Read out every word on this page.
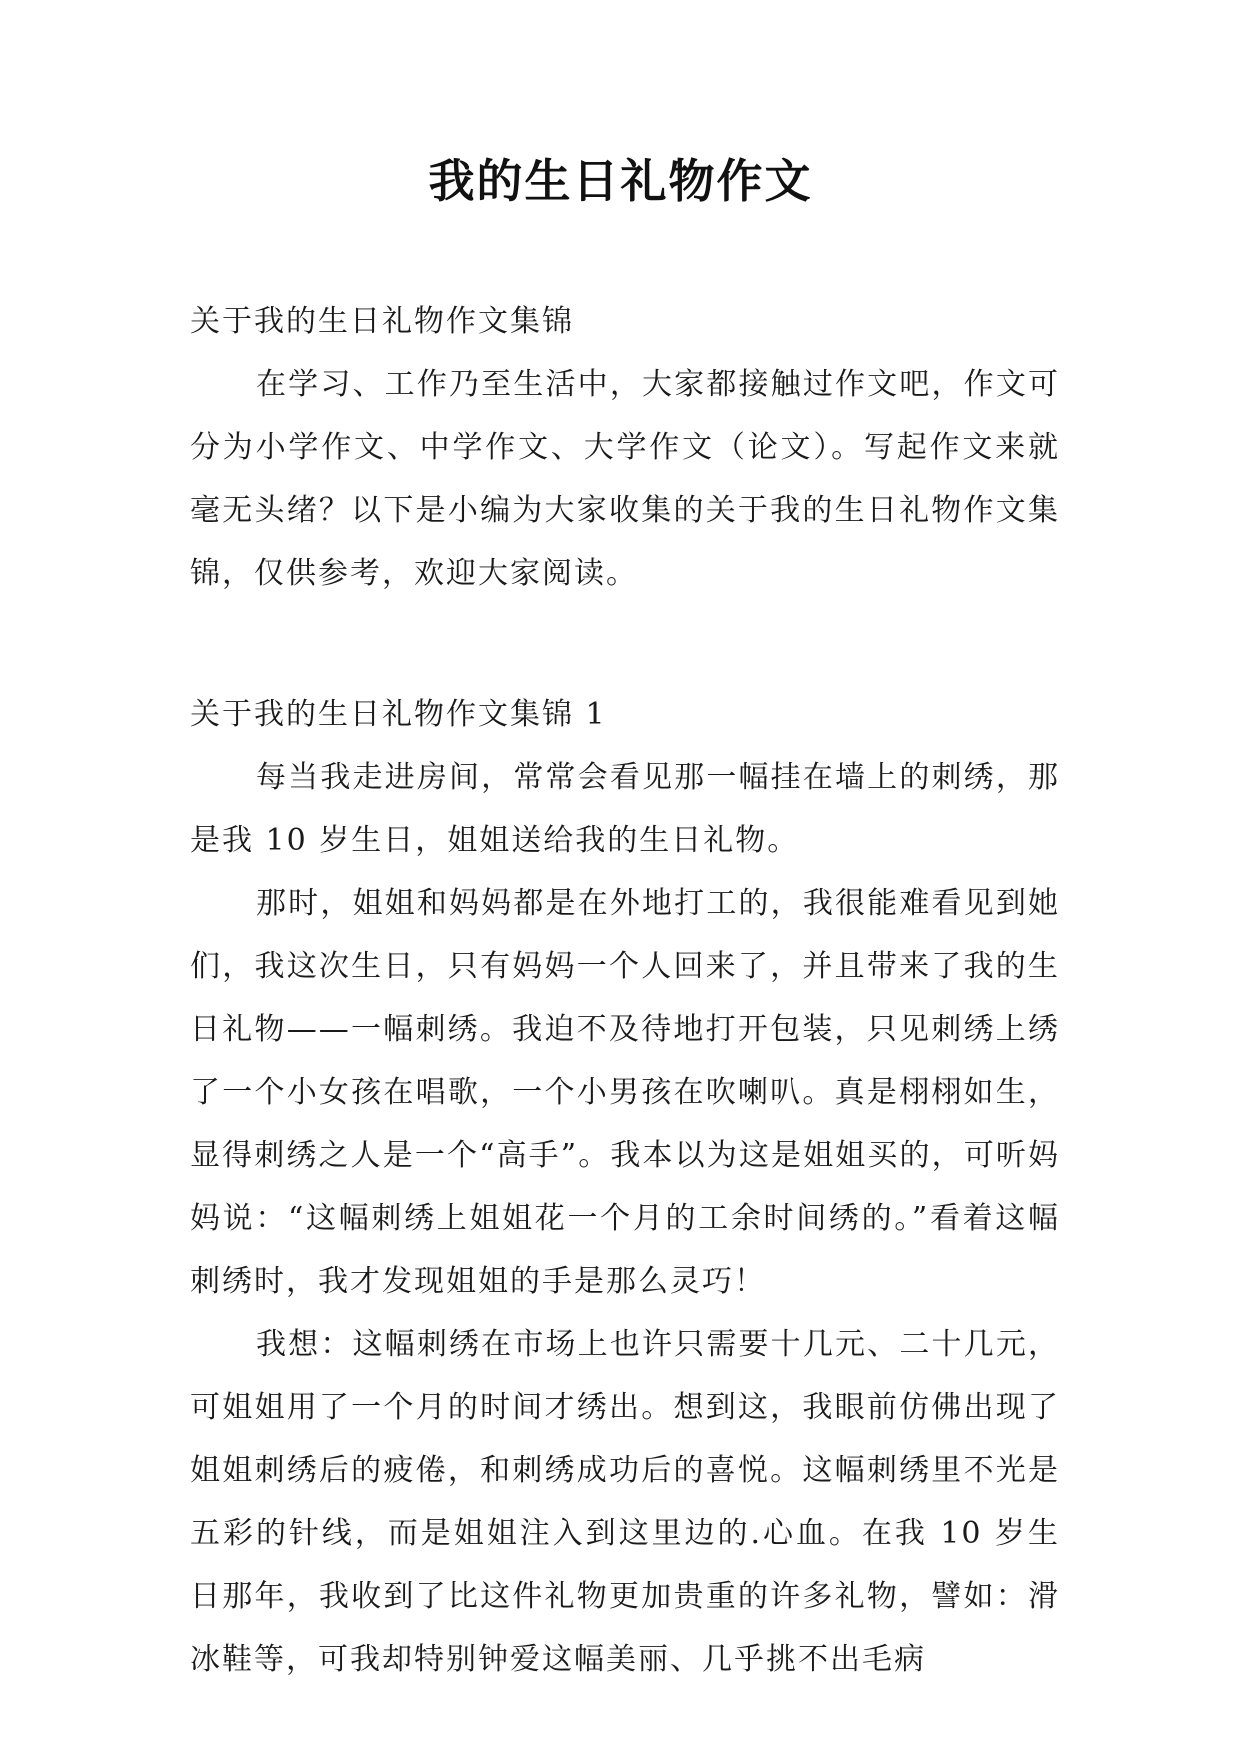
我的生日礼物作文

关于我的生日礼物作文集锦

在学习、工作乃至生活中，大家都接触过作文吧，作文可分为小学作文、中学作文、大学作文（论文）。写起作文来就毫无头绪？以下是小编为大家收集的关于我的生日礼物作文集锦，仅供参考，欢迎大家阅读。

关于我的生日礼物作文集锦 1

每当我走进房间，常常会看见那一幅挂在墙上的刺绣，那是我 10 岁生日，姐姐送给我的生日礼物。

那时，姐姐和妈妈都是在外地打工的，我很能难看见到她们，我这次生日，只有妈妈一个人回来了，并且带来了我的生日礼物——一幅刺绣。我迫不及待地打开包装，只见刺绣上绣了一个小女孩在唱歌，一个小男孩在吹喇叭。真是栩栩如生，显得刺绣之人是一个“高手”。我本以为这是姐姐买的，可听妈妈说：“这幅刺绣上姐姐花一个月的工余时间绣的。”看着这幅刺绣时，我才发现姐姐的手是那么灵巧！

我想：这幅刺绣在市场上也许只需要十几元、二十几元，可姐姐用了一个月的时间才绣出。想到这，我眼前仿佛出现了姐姐刺绣后的疲倦，和刺绣成功后的喜悦。这幅刺绣里不光是五彩的针线，而是姐姐注入到这里边的.心血。在我 10 岁生日那年，我收到了比这件礼物更加贵重的许多礼物，譬如：滑冰鞋等，可我却特别钟爱这幅美丽、几乎挑不出毛病
